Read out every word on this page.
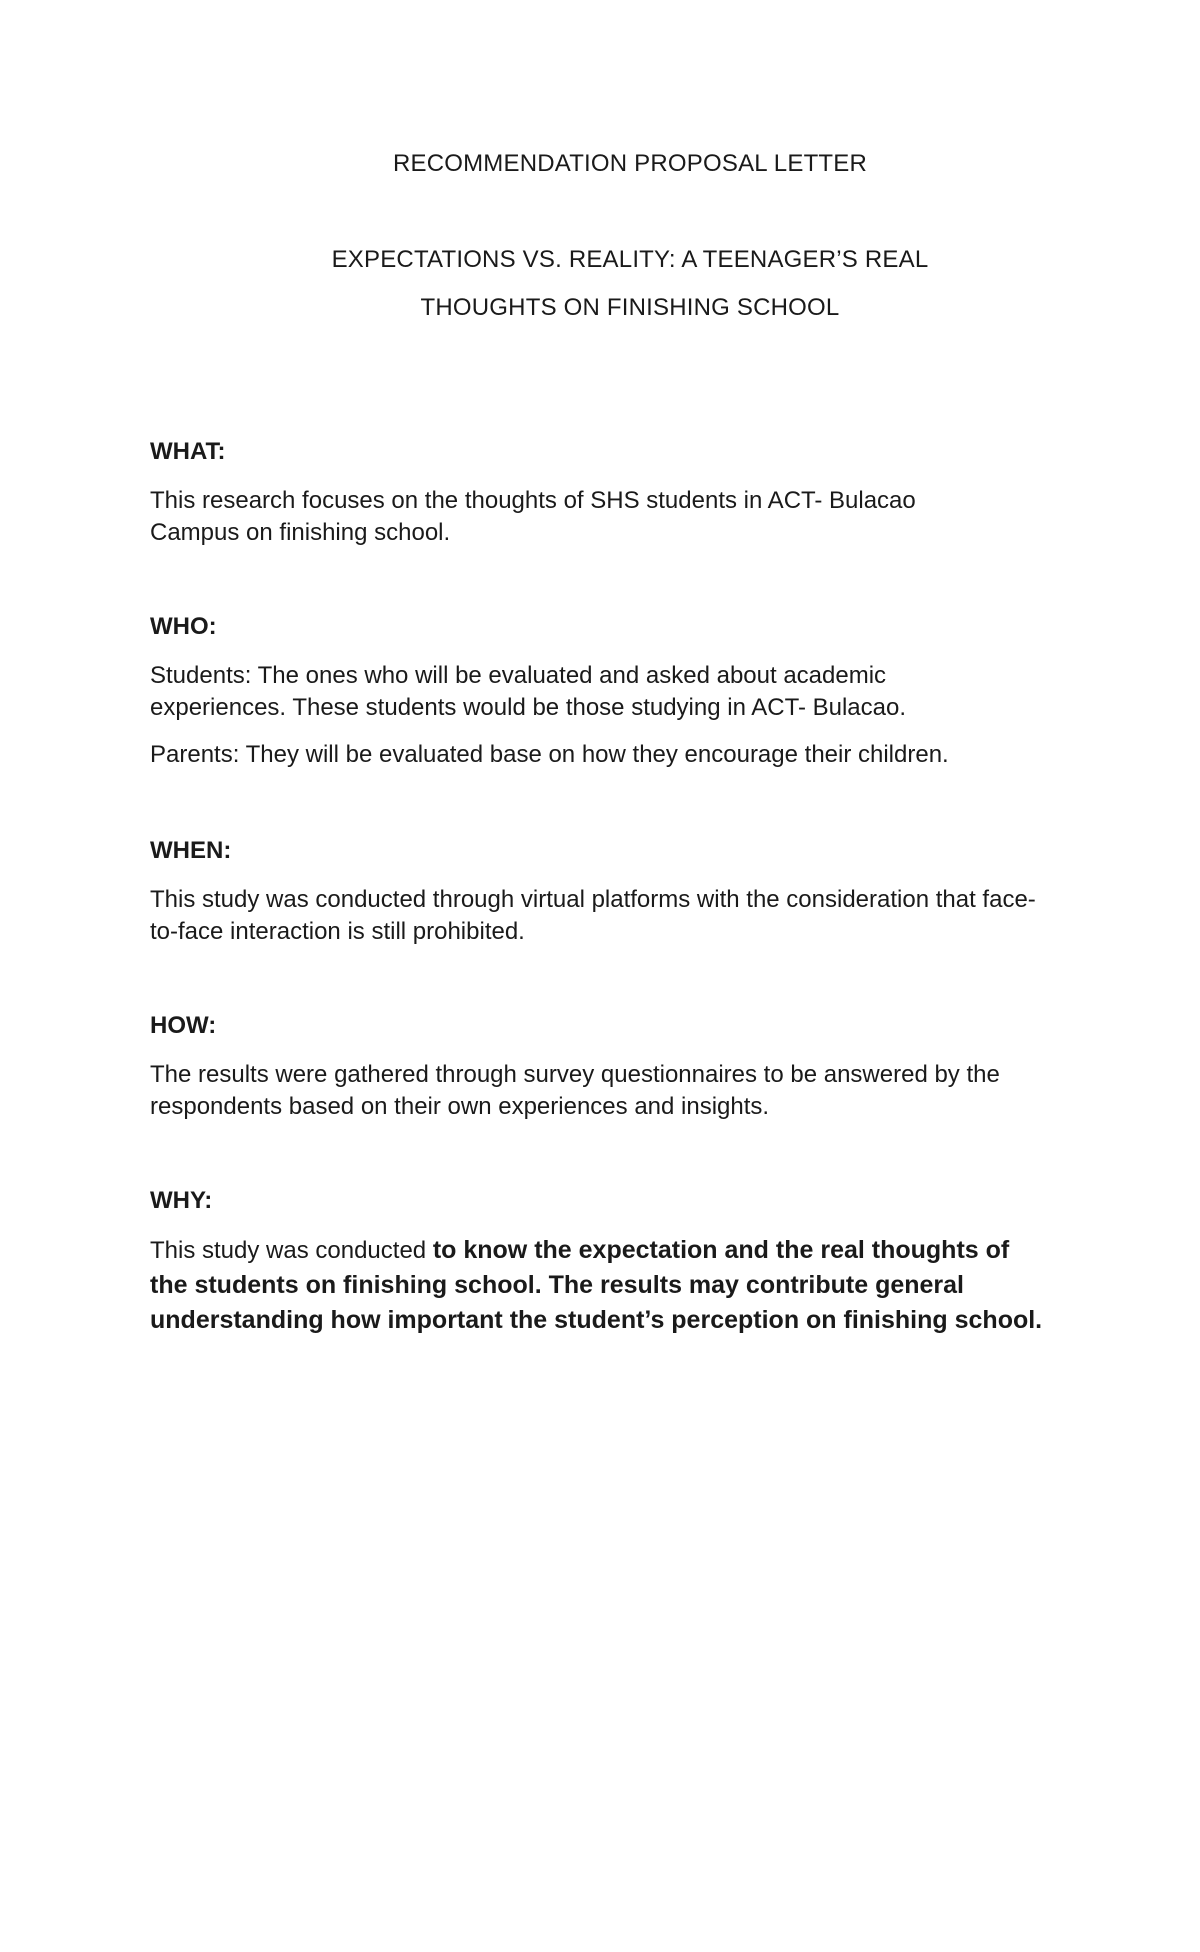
RECOMMENDATION PROPOSAL LETTER
EXPECTATIONS VS. REALITY: A TEENAGER’S REAL
THOUGHTS ON FINISHING SCHOOL

WHAT:

This research focuses on the thoughts of SHS students in ACT- Bulacao Campus on finishing school.

WHO:

Students: The ones who will be evaluated and asked about academic experiences. These students would be those studying in ACT- Bulacao.

Parents: They will be evaluated base on how they encourage their children.

WHEN:

This study was conducted through virtual platforms with the consideration that face-to-face interaction is still prohibited.

HOW:

The results were gathered through survey questionnaires to be answered by the respondents based on their own experiences and insights.

WHY:

This study was conducted to know the expectation and the real thoughts of the students on finishing school. The results may contribute general understanding how important the student’s perception on finishing school.
